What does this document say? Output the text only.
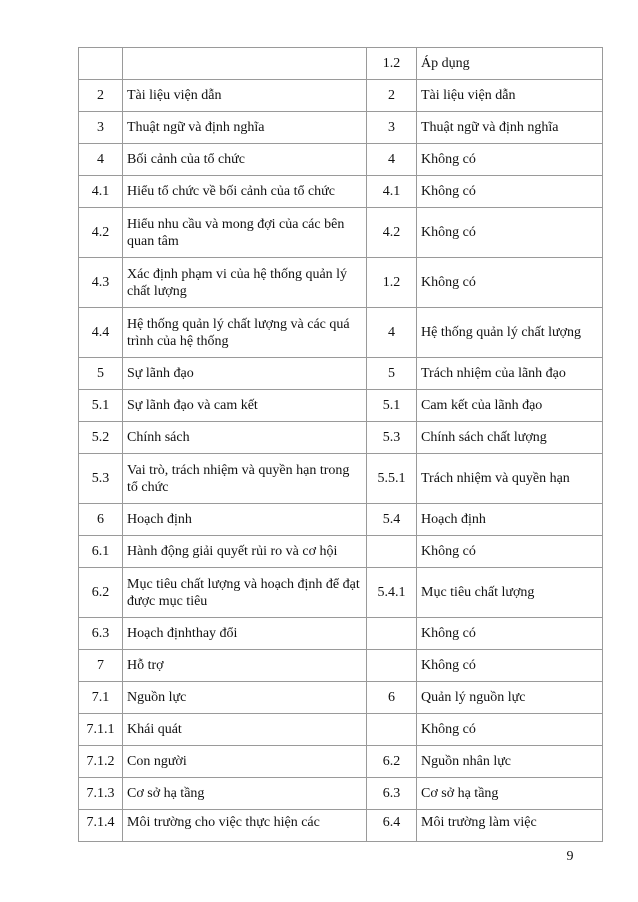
		1.2	Áp dụng
2	Tài liệu viện dẫn	2	Tài liệu viện dẫn
3	Thuật ngữ và định nghĩa	3	Thuật ngữ và định nghĩa
4	Bối cảnh của tổ chức	4	Không có
4.1	Hiểu tổ chức về bối cảnh của tổ chức	4.1	Không có
4.2	Hiểu nhu cầu và mong đợi của các bên quan tâm	4.2	Không có
4.3	Xác định phạm vi của hệ thống quản lý chất lượng	1.2	Không có
4.4	Hệ thống quản lý chất lượng và các quá trình của hệ thống	4	Hệ thống quản lý chất lượng
5	Sự lãnh đạo	5	Trách nhiệm của lãnh đạo
5.1	Sự lãnh đạo và cam kết	5.1	Cam kết của lãnh đạo
5.2	Chính sách	5.3	Chính sách chất lượng
5.3	Vai trò, trách nhiệm và quyền hạn trong tổ chức	5.5.1	Trách nhiệm và quyền hạn
6	Hoạch định	5.4	Hoạch định
6.1	Hành động giải quyết rủi ro và cơ hội		Không có
6.2	Mục tiêu chất lượng và hoạch định để đạt được mục tiêu	5.4.1	Mục tiêu chất lượng
6.3	Hoạch địnhthay đổi		Không có
7	Hỗ trợ		Không có
7.1	Nguồn lực	6	Quản lý nguồn lực
7.1.1	Khái quát		Không có
7.1.2	Con người	6.2	Nguồn nhân lực
7.1.3	Cơ sở hạ tầng	6.3	Cơ sở hạ tầng
7.1.4	Môi trường cho việc thực hiện các	6.4	Môi trường làm việc
9
